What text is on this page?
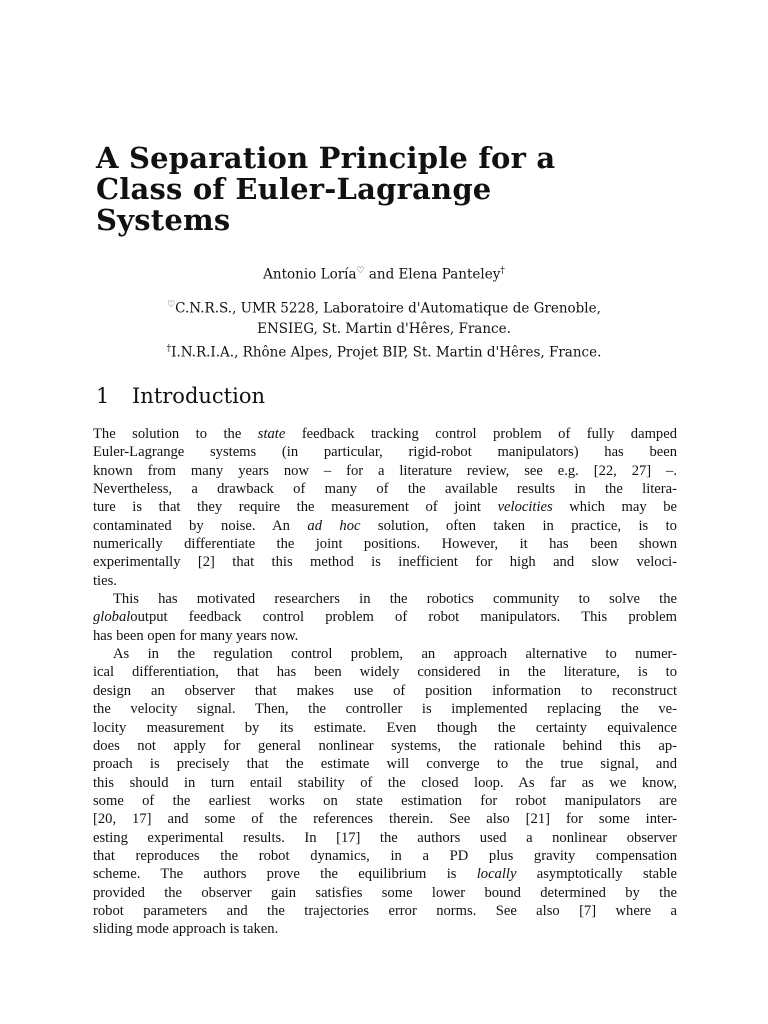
A Separation Principle for a
Class of Euler-Lagrange
Systems
Antonio Loría♡ and Elena Panteley†
♡C.N.R.S., UMR 5228, Laboratoire d'Automatique de Grenoble,
ENSIEG, St. Martin d'Hêres, France.
†I.N.R.I.A., Rhône Alpes, Projet BIP, St. Martin d'Hêres, France.
1 Introduction
The solution to the state feedback tracking control problem of fully damped
Euler-Lagrange systems (in particular, rigid-robot manipulators) has been
known from many years now – for a literature review, see e.g. [22, 27] –.
Nevertheless, a drawback of many of the available results in the litera-
ture is that they require the measurement of joint velocities which may be
contaminated by noise. An ad hoc solution, often taken in practice, is to
numerically differentiate the joint positions. However, it has been shown
experimentally [2] that this method is inefficient for high and slow veloci-
ties.
This has motivated researchers in the robotics community to solve the
globaloutput feedback control problem of robot manipulators. This problem
has been open for many years now.
As in the regulation control problem, an approach alternative to numer-
ical differentiation, that has been widely considered in the literature, is to
design an observer that makes use of position information to reconstruct
the velocity signal. Then, the controller is implemented replacing the ve-
locity measurement by its estimate. Even though the certainty equivalence
does not apply for general nonlinear systems, the rationale behind this ap-
proach is precisely that the estimate will converge to the true signal, and
this should in turn entail stability of the closed loop. As far as we know,
some of the earliest works on state estimation for robot manipulators are
[20, 17] and some of the references therein. See also [21] for some inter-
esting experimental results. In [17] the authors used a nonlinear observer
that reproduces the robot dynamics, in a PD plus gravity compensation
scheme. The authors prove the equilibrium is locally asymptotically stable
provided the observer gain satisfies some lower bound determined by the
robot parameters and the trajectories error norms. See also [7] where a
sliding mode approach is taken.
